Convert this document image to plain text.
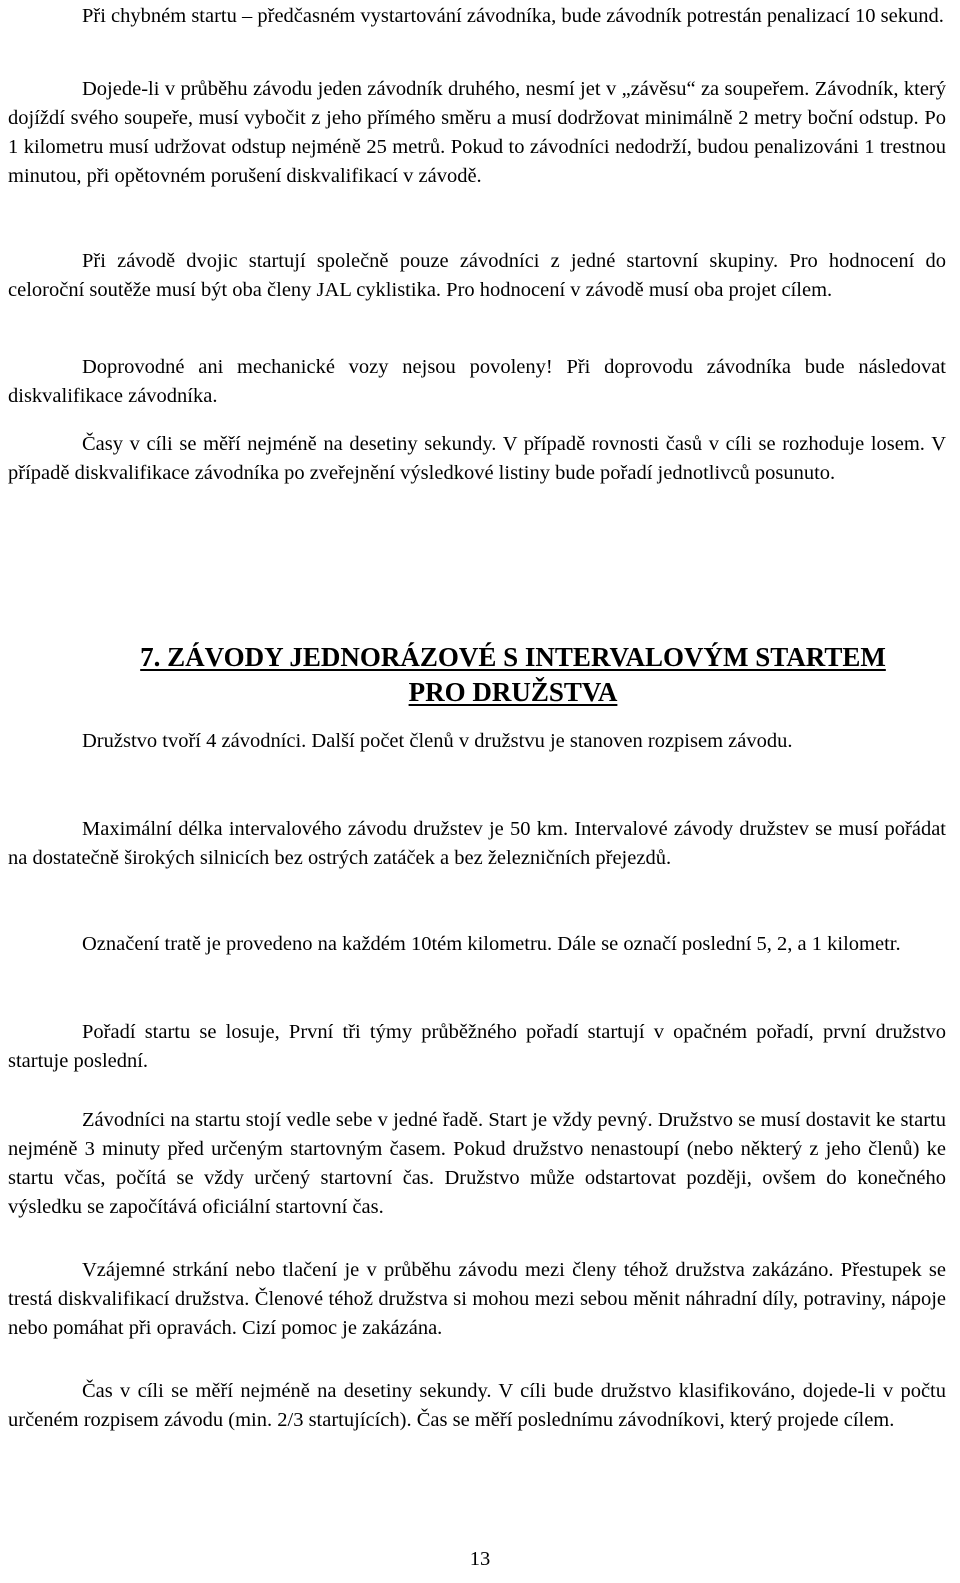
Při chybném startu – předčasném vystartování závodníka, bude závodník potrestán penalizací 10 sekund.

Dojede-li v průběhu závodu jeden závodník druhého, nesmí jet v „závěsu“ za soupeřem. Závodník, který dojíždí svého soupeře, musí vybočit z jeho přímého směru a musí dodržovat minimálně 2 metry boční odstup. Po 1 kilometru musí udržovat odstup nejméně 25 metrů. Pokud to závodníci nedodrží, budou penalizováni 1 trestnou minutou, při opětovném porušení diskvalifikací v závodě.

Při závodě dvojic startují společně pouze závodníci z jedné startovní skupiny. Pro hodnocení do celoroční soutěže musí být oba členy JAL cyklistika. Pro hodnocení v závodě musí oba projet cílem.

Doprovodné ani mechanické vozy nejsou povoleny! Při doprovodu závodníka bude následovat diskvalifikace závodníka.

Časy v cíli se měří nejméně na desetiny sekundy. V případě rovnosti časů v cíli se rozhoduje losem. V případě diskvalifikace závodníka po zveřejnění výsledkové listiny bude pořadí jednotlivců posunuto.

7. ZÁVODY JEDNORÁZOVÉ S INTERVALOVÝM STARTEM
PRO DRUŽSTVA

Družstvo tvoří 4 závodníci. Další počet členů v družstvu je stanoven rozpisem závodu.

Maximální délka intervalového závodu družstev je 50 km. Intervalové závody družstev se musí pořádat na dostatečně širokých silnicích bez ostrých zatáček a bez železničních přejezdů.

Označení tratě je provedeno na každém 10tém kilometru. Dále se označí poslední 5, 2, a 1 kilometr.

Pořadí startu se losuje, První tři týmy průběžného pořadí startují v opačném pořadí, první družstvo startuje poslední.

Závodníci na startu stojí vedle sebe v jedné řadě. Start je vždy pevný. Družstvo se musí dostavit ke startu nejméně 3 minuty před určeným startovným časem. Pokud družstvo nenastoupí (nebo některý z jeho členů) ke startu včas, počítá se vždy určený startovní čas. Družstvo může odstartovat později, ovšem do konečného výsledku se započítává oficiální startovní čas.

Vzájemné strkání nebo tlačení je v průběhu závodu mezi členy téhož družstva zakázáno. Přestupek se trestá diskvalifikací družstva. Členové téhož družstva si mohou mezi sebou měnit náhradní díly, potraviny, nápoje nebo pomáhat při opravách. Cizí pomoc je zakázána.

Čas v cíli se měří nejméně na desetiny sekundy. V cíli bude družstvo klasifikováno, dojede-li v počtu určeném rozpisem závodu (min. 2/3 startujících). Čas se měří poslednímu závodníkovi, který projede cílem.

13
